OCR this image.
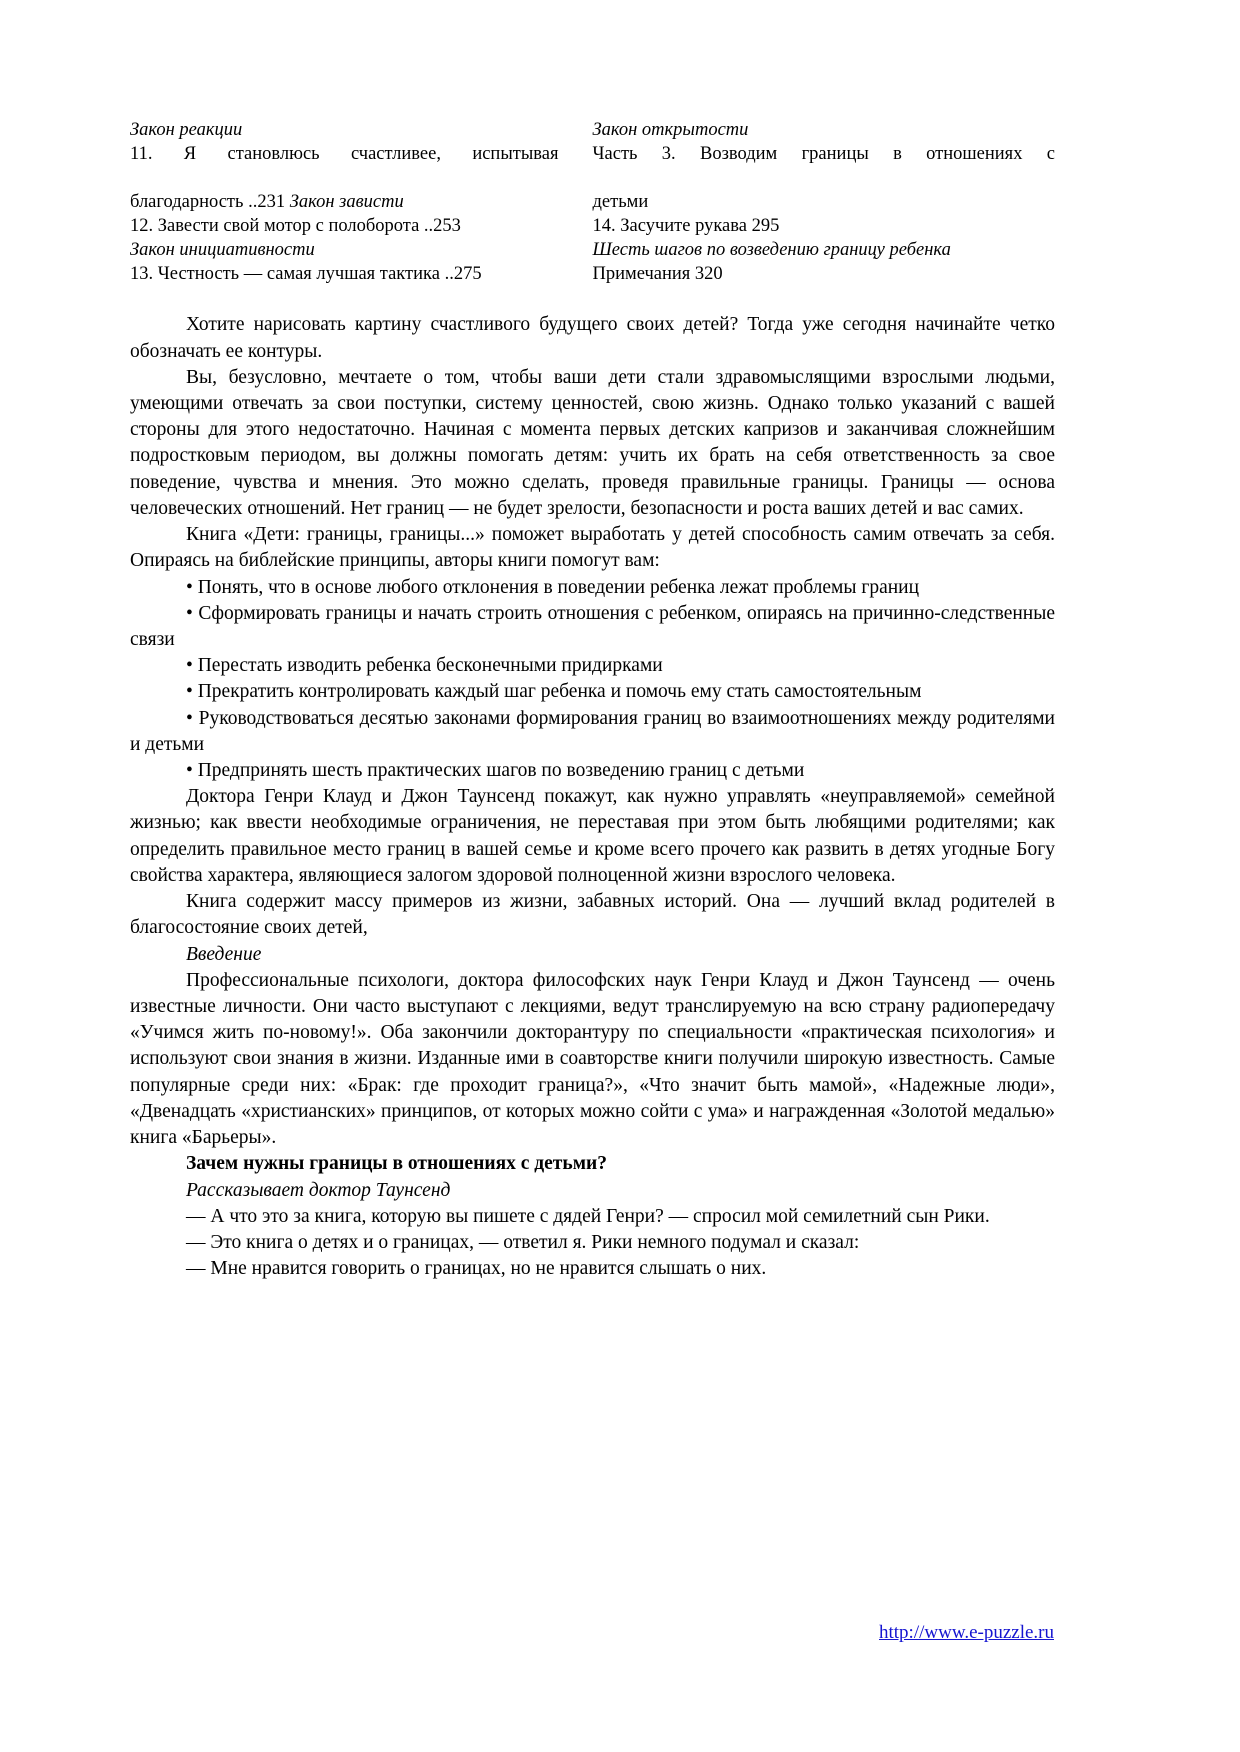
Закон реакции

11. Я становлюсь счастливее, испытывая

благодарность ..231 Закон зависти

12. Завести свой мотор с полоборота ..253

Закон инициативности

13. Честность — самая лучшая тактика ..275

Закон открытости

Часть 3. Возводим границы в отношениях с

детьми

14. Засучите рукава 295

Шесть шагов по возведению границу ребенка

Примечания 320

Хотите нарисовать картину счастливого будущего своих детей? Тогда уже сегодня начинайте четко обозначать ее контуры.

Вы, безусловно, мечтаете о том, чтобы ваши дети стали здравомыслящими взрослыми людьми, умеющими отвечать за свои поступки, систему ценностей, свою жизнь. Однако только указаний с вашей стороны для этого недостаточно. Начиная с момента первых детских капризов и заканчивая сложнейшим подростковым периодом, вы должны помогать детям: учить их брать на себя ответственность за свое поведение, чувства и мнения. Это можно сделать, проведя правильные границы. Границы — основа человеческих отношений. Нет границ — не будет зрелости, безопасности и роста ваших детей и вас самих.

Книга «Дети: границы, границы...» поможет выработать у детей способность самим отвечать за себя. Опираясь на библейские принципы, авторы книги помогут вам:

• Понять, что в основе любого отклонения в поведении ребенка лежат проблемы границ

• Сформировать границы и начать строить отношения с ребенком, опираясь на причинно-следственные связи

• Перестать изводить ребенка бесконечными придирками

• Прекратить контролировать каждый шаг ребенка и помочь ему стать самостоятельным

• Руководствоваться десятью законами формирования границ во взаимоотношениях между родителями и детьми

• Предпринять шесть практических шагов по возведению границ с детьми

Доктора Генри Клауд и Джон Таунсенд покажут, как нужно управлять «неуправляемой» семейной жизнью; как ввести необходимые ограничения, не переставая при этом быть любящими родителями; как определить правильное место границ в вашей семье и кроме всего прочего как развить в детях угодные Богу свойства характера, являющиеся залогом здоровой полноценной жизни взрослого человека.

Книга содержит массу примеров из жизни, забавных историй. Она — лучший вклад родителей в благосостояние своих детей,

Введение

Профессиональные психологи, доктора философских наук Генри Клауд и Джон Таунсенд — очень известные личности. Они часто выступают с лекциями, ведут транслируемую на всю страну радиопередачу «Учимся жить по-новому!». Оба закончили докторантуру по специальности «практическая психология» и используют свои знания в жизни. Изданные ими в соавторстве книги получили широкую известность. Самые популярные среди них: «Брак: где проходит граница?», «Что значит быть мамой», «Надежные люди», «Двенадцать «христианских» принципов, от которых можно сойти с ума» и награжденная «Золотой медалью» книга «Барьеры».

Зачем нужны границы в отношениях с детьми?

Рассказывает доктор Таунсенд

— А что это за книга, которую вы пишете с дядей Генри? — спросил мой семилетний сын Рики.

— Это книга о детях и о границах, — ответил я. Рики немного подумал и сказал:

— Мне нравится говорить о границах, но не нравится слышать о них.

http://www.e-puzzle.ru
